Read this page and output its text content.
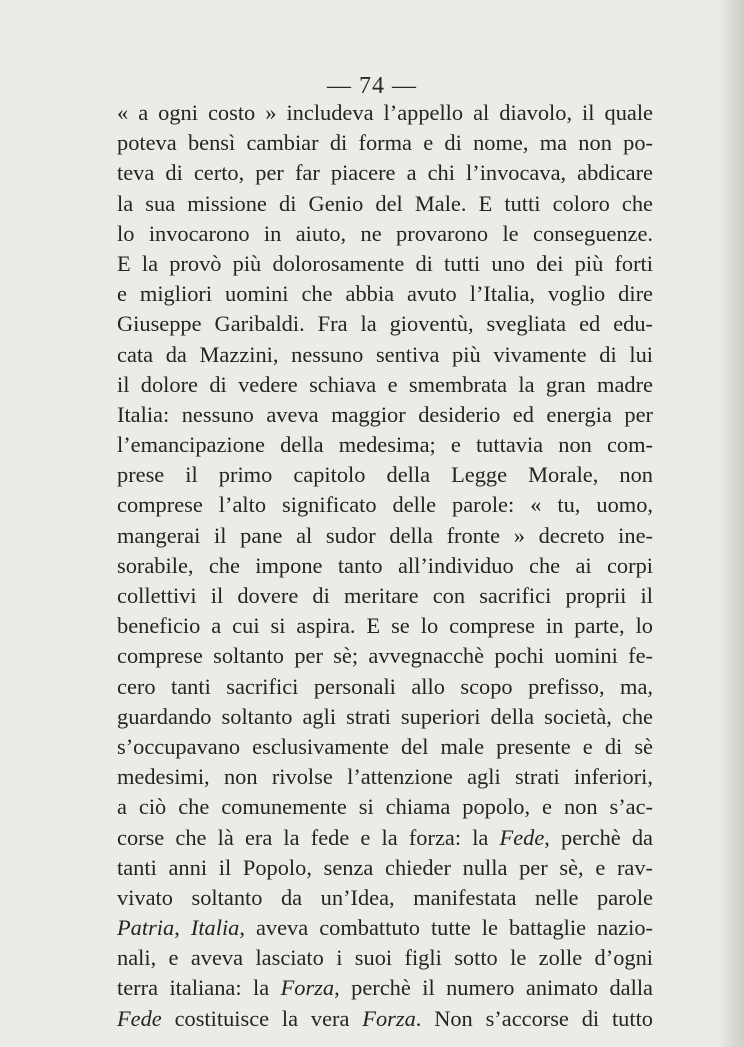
— 74 —
« a ogni costo » includeva l’appello al diavolo, il quale
poteva bensì cambiar di forma e di nome, ma non po-
teva di certo, per far piacere a chi l’invocava, abdicare
la sua missione di Genio del Male. E tutti coloro che
lo invocarono in aiuto, ne provarono le conseguenze.
E la provò più dolorosamente di tutti uno dei più forti
e migliori uomini che abbia avuto l’Italia, voglio dire
Giuseppe Garibaldi. Fra la gioventù, svegliata ed edu-
cata da Mazzini, nessuno sentiva più vivamente di lui
il dolore di vedere schiava e smembrata la gran madre
Italia: nessuno aveva maggior desiderio ed energia per
l’emancipazione della medesima; e tuttavia non com-
prese il primo capitolo della Legge Morale, non
comprese l’alto significato delle parole: « tu, uomo,
mangerai il pane al sudor della fronte » decreto ine-
sorabile, che impone tanto all’individuo che ai corpi
collettivi il dovere di meritare con sacrifici proprii il
beneficio a cui si aspira. E se lo comprese in parte, lo
comprese soltanto per sè; avvegnacchè pochi uomini fe-
cero tanti sacrifici personali allo scopo prefisso, ma,
guardando soltanto agli strati superiori della società, che
s’occupavano esclusivamente del male presente e di sè
medesimi, non rivolse l’attenzione agli strati inferiori,
a ciò che comunemente si chiama popolo, e non s’ac-
corse che là era la fede e la forza: la Fede, perchè da
tanti anni il Popolo, senza chieder nulla per sè, e rav-
vivato soltanto da un’Idea, manifestata nelle parole
Patria, Italia, aveva combattuto tutte le battaglie nazio-
nali, e aveva lasciato i suoi figli sotto le zolle d’ogni
terra italiana: la Forza, perchè il numero animato dalla
Fede costituisce la vera Forza. Non s’accorse di tutto
